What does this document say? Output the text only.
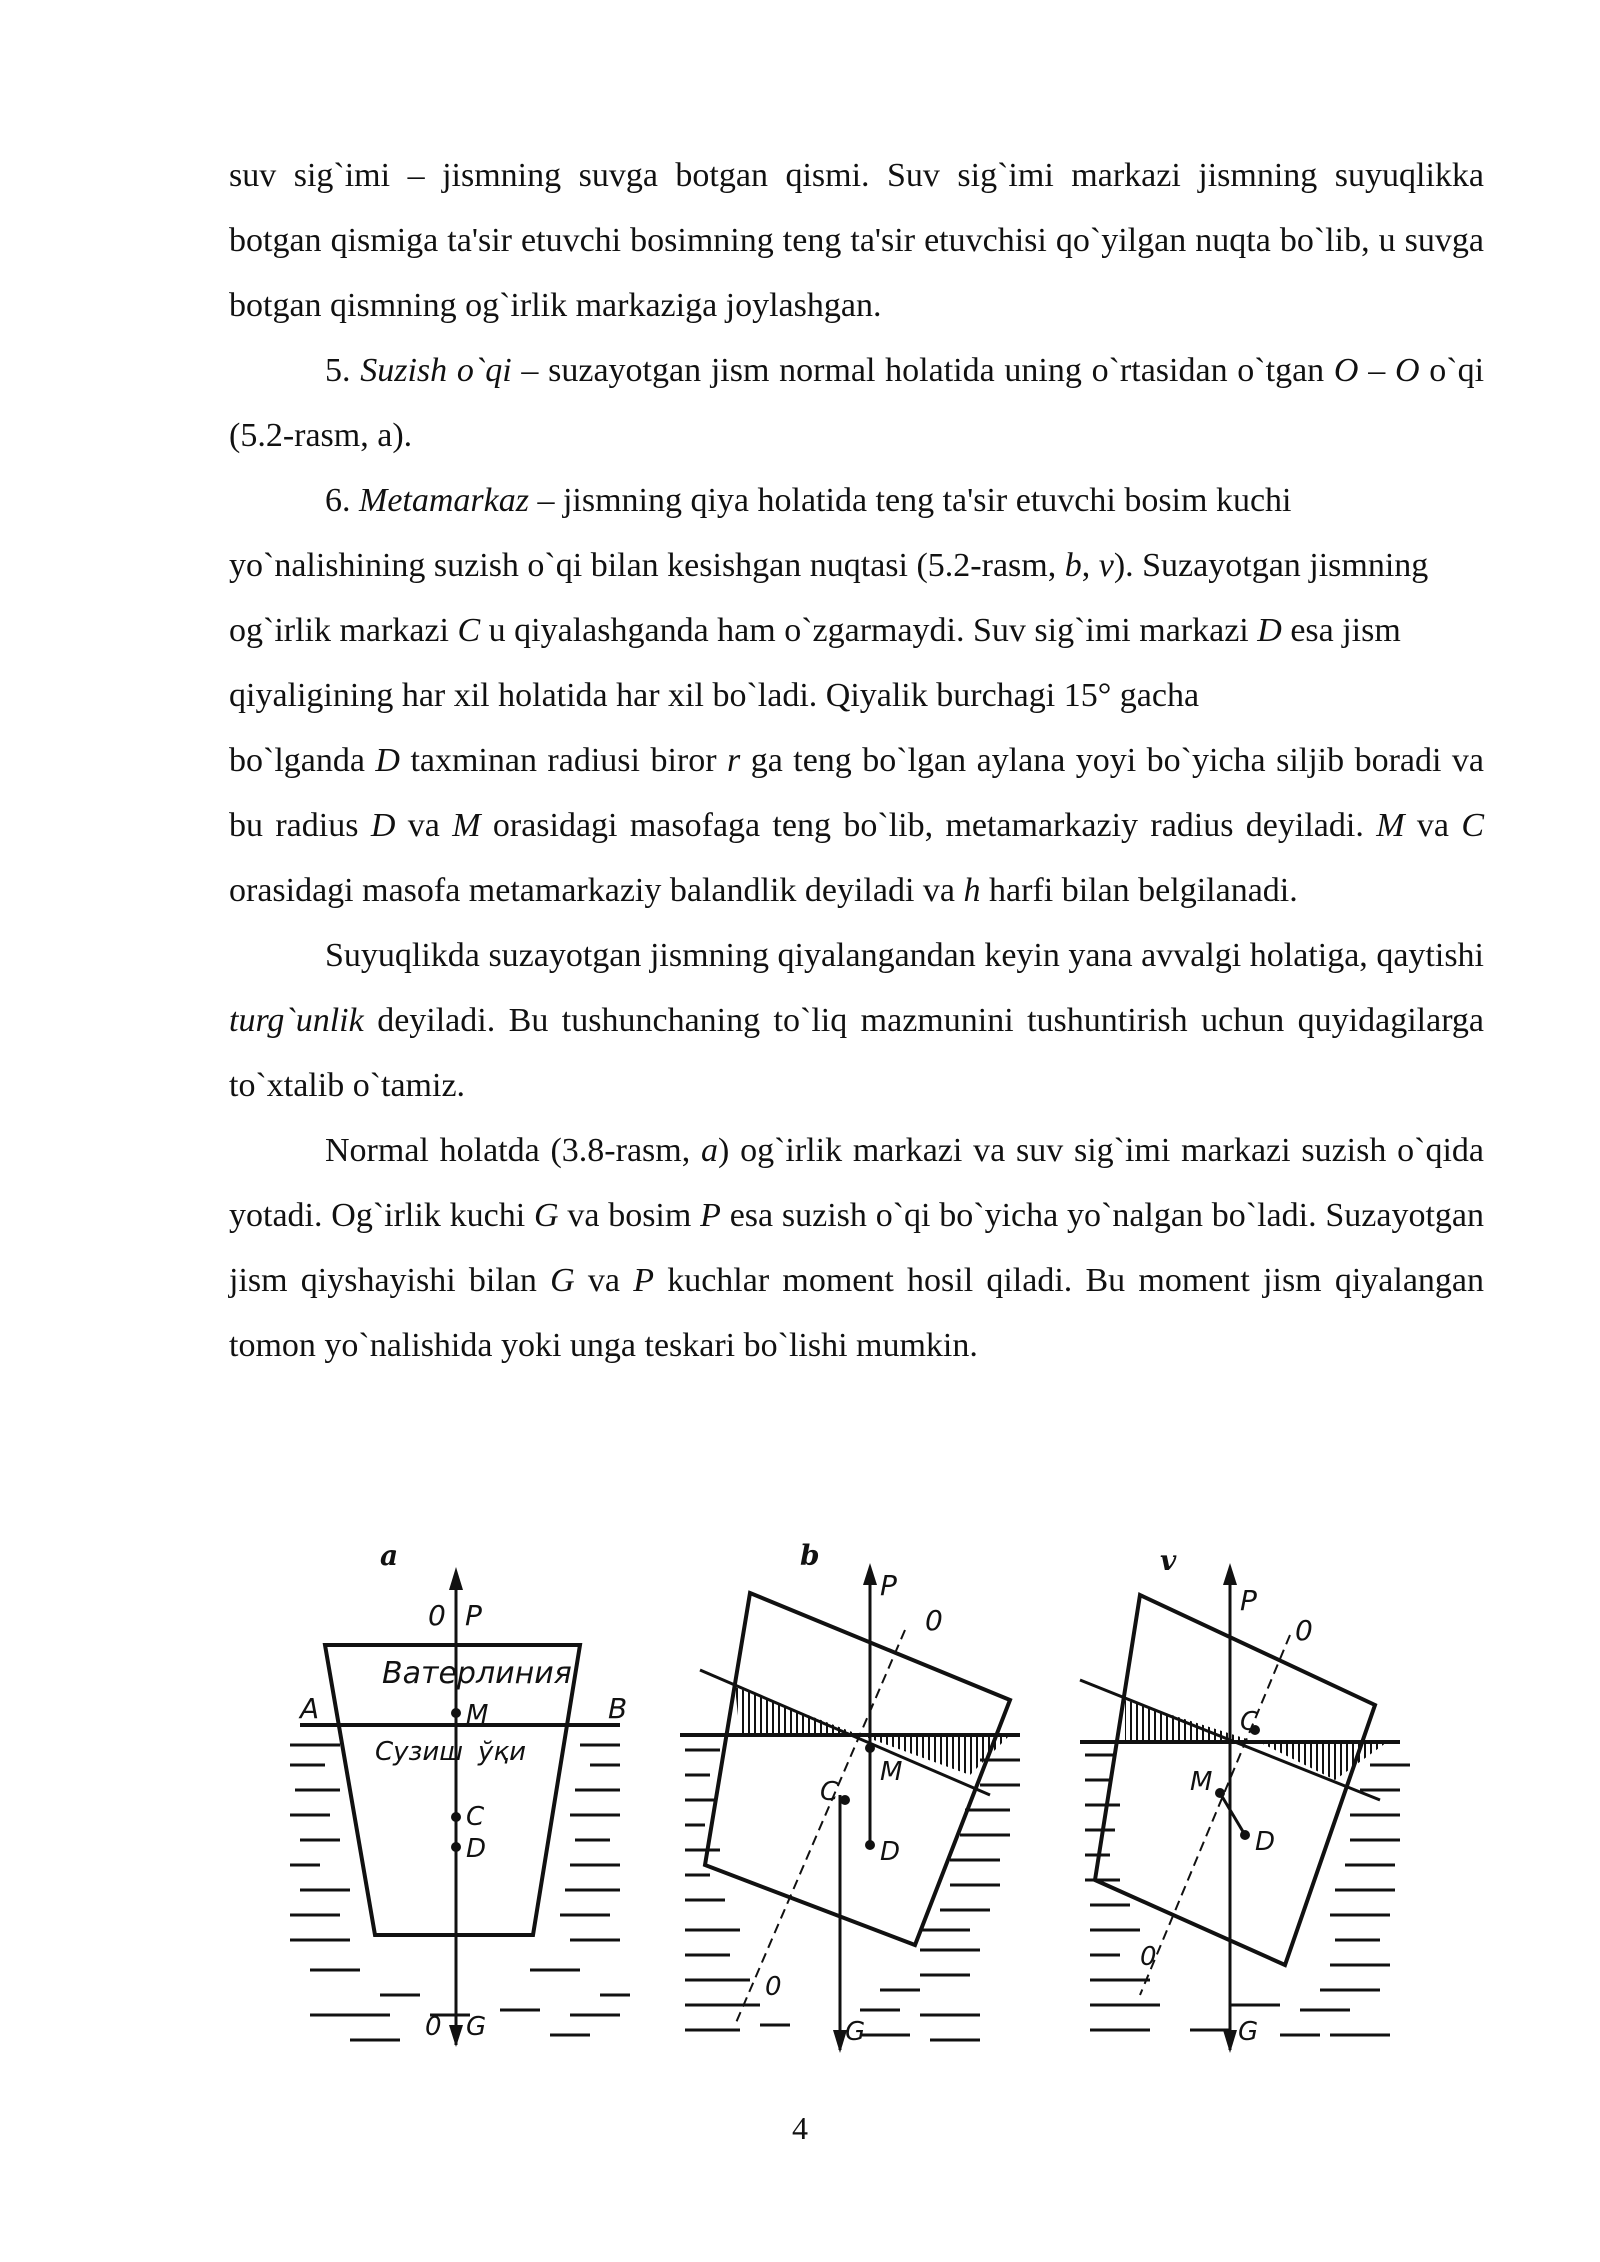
suv sig`imi – jismning suvga botgan qismi. Suv sig`imi markazi jismning suyuqlikka botgan qismiga ta'sir etuvchi bosimning teng ta'sir etuvchisi qo`yilgan nuqta bo`lib, u suvga botgan qismning og`irlik markaziga joylashgan.

5. Suzish o`qi – suzayotgan jism normal holatida uning o`rtasidan o`tgan O – O o`qi (5.2-rasm, a).

6. Metamarkaz – jismning qiya holatida teng ta'sir etuvchi bosim kuchi yo`nalishining suzish o`qi bilan kesishgan nuqtasi (5.2-rasm, b, v). Suzayotgan jismning og`irlik markazi C u qiyalashganda ham o`zgarmaydi. Suv sig`imi markazi D esa jism qiyaligining har xil holatida har xil bo`ladi. Qiyalik burchagi 15° gacha

bo`lganda D taxminan radiusi biror r ga teng bo`lgan aylana yoyi bo`yicha siljib boradi va bu radius D va M orasidagi masofaga teng bo`lib, metamarkaziy radius deyiladi. M va C orasidagi masofa metamarkaziy balandlik deyiladi va h harfi bilan belgilanadi.

Suyuqlikda suzayotgan jismning qiyalangandan keyin yana avvalgi holatiga, qaytishi turg`unlik deyiladi. Bu tushunchaning to`liq mazmunini tushuntirish uchun quyidagilarga to`xtalib o`tamiz.

Normal holatda (3.8-rasm, a) og`irlik markazi va suv sig`imi markazi suzish o`qida yotadi. Og`irlik kuchi G va bosim P esa suzish o`qi bo`yicha yo`nalgan bo`ladi. Suzayotgan jism qiyshayishi bilan G va P kuchlar moment hosil qiladi. Bu moment jism qiyalangan tomon yo`nalishida yoki unga teskari bo`lishi mumkin.

a
0 P
Ватерлиния
A	B
M
Сузиш ўқи
C
D
0 G
b
P
0
M
C
D
0
G
v
P
0
C
M
D
0
G
4
